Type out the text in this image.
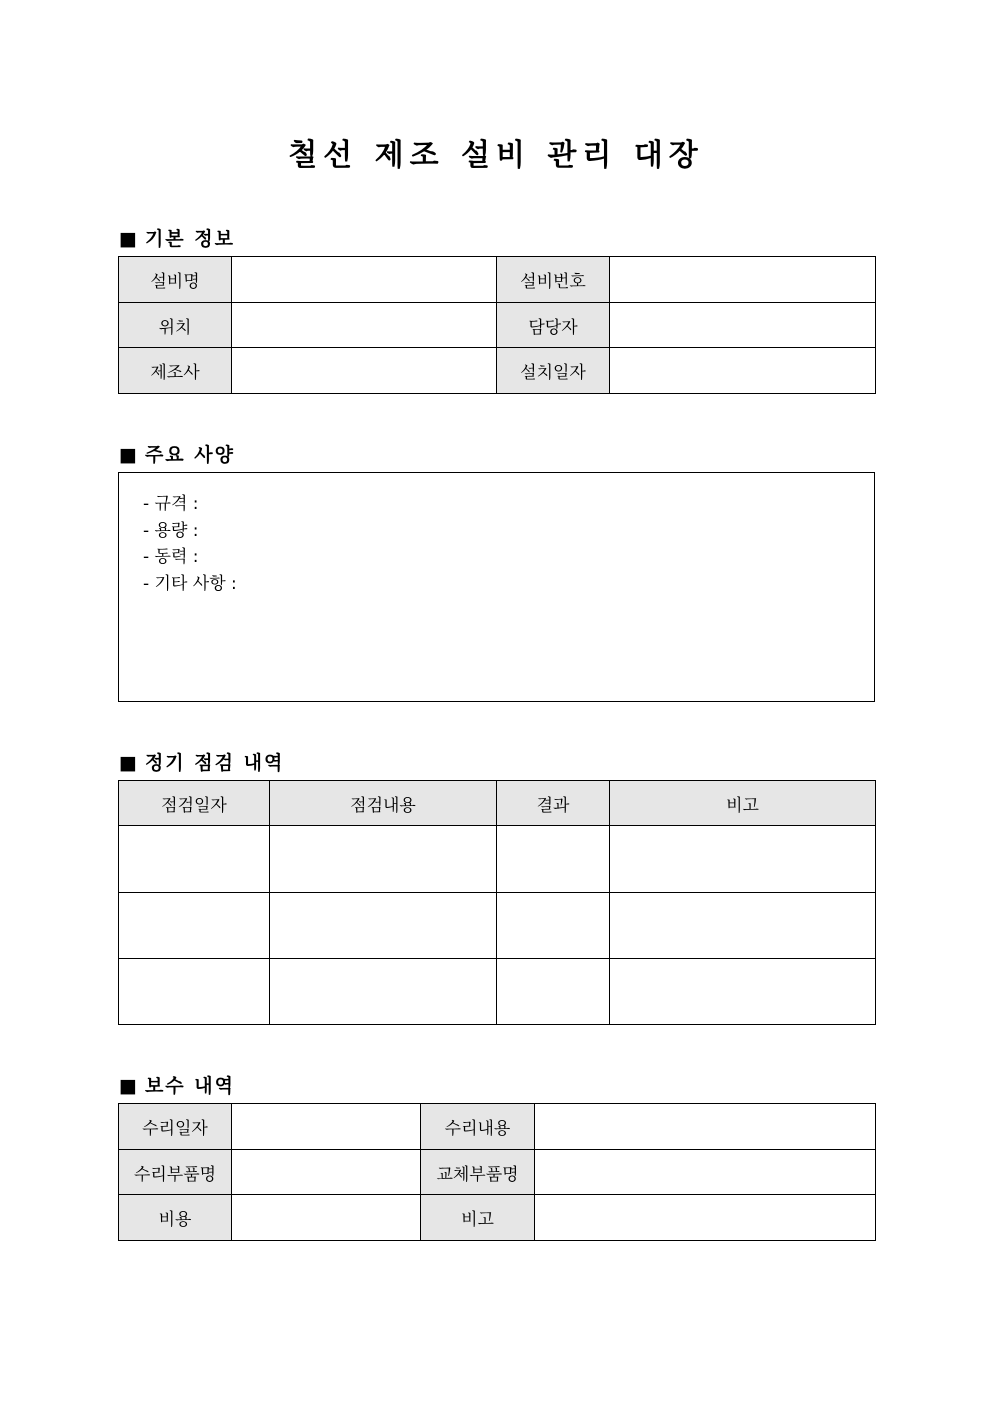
철선 제조 설비 관리 대장
■ 기본 정보
설비명		설비번호	
위치		담당자	
제조사		설치일자	
■ 주요 사양
- 규격 :
- 용량 :
- 동력 :
- 기타 사항 :
■ 정기 점검 내역
점검일자	점검내용	결과	비고

■ 보수 내역
수리일자		수리내용	
수리부품명		교체부품명	
비용		비고	
